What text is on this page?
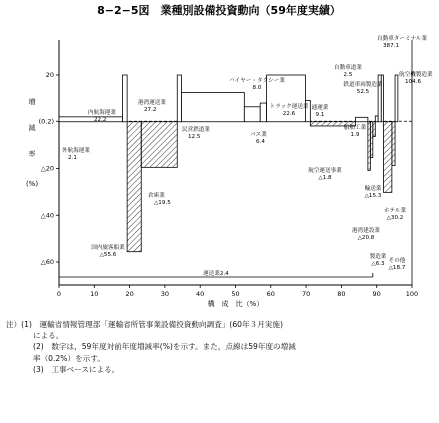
8−2−5図　業種別設備投資動向（59年度実績）
0	10	20	30	40	50	60	70	80	90	100
構　成　比（%）
20
(0.2)
△20
△40
△60
増
減
率
(%)
運送業2.4
外航海運業
2.1
内航海運業
22.2
国内旅客船業
△55.6
倉庫業
△19.5
港湾運送業
27.2
民営鉄道業
12.5	バス業
6.4
ハイヤー・タクシー業
8.0
トラック運送業
22.6
通運業
9.1
航空運送事業
△1.8
船舶工業
1.9
港湾建設業
△20.8
輸送業
△15.3
製造業
△6.3
自動車道業
2.5
鉄道車両製造業
52.5
自動車ターミナル業
387.1
ホテル業
△30.2
その他
△18.7
航空機製造業
104.6
注）(1)　運輸省情報管理部「運輸省所管事業設備投資動向調査」(60年３月実施)
による。
(2)　数字は，59年度対前年度増減率(%)を示す。また，点線は59年度の増減
率（0.2%）を示す。
(3)　工事ベースによる。
